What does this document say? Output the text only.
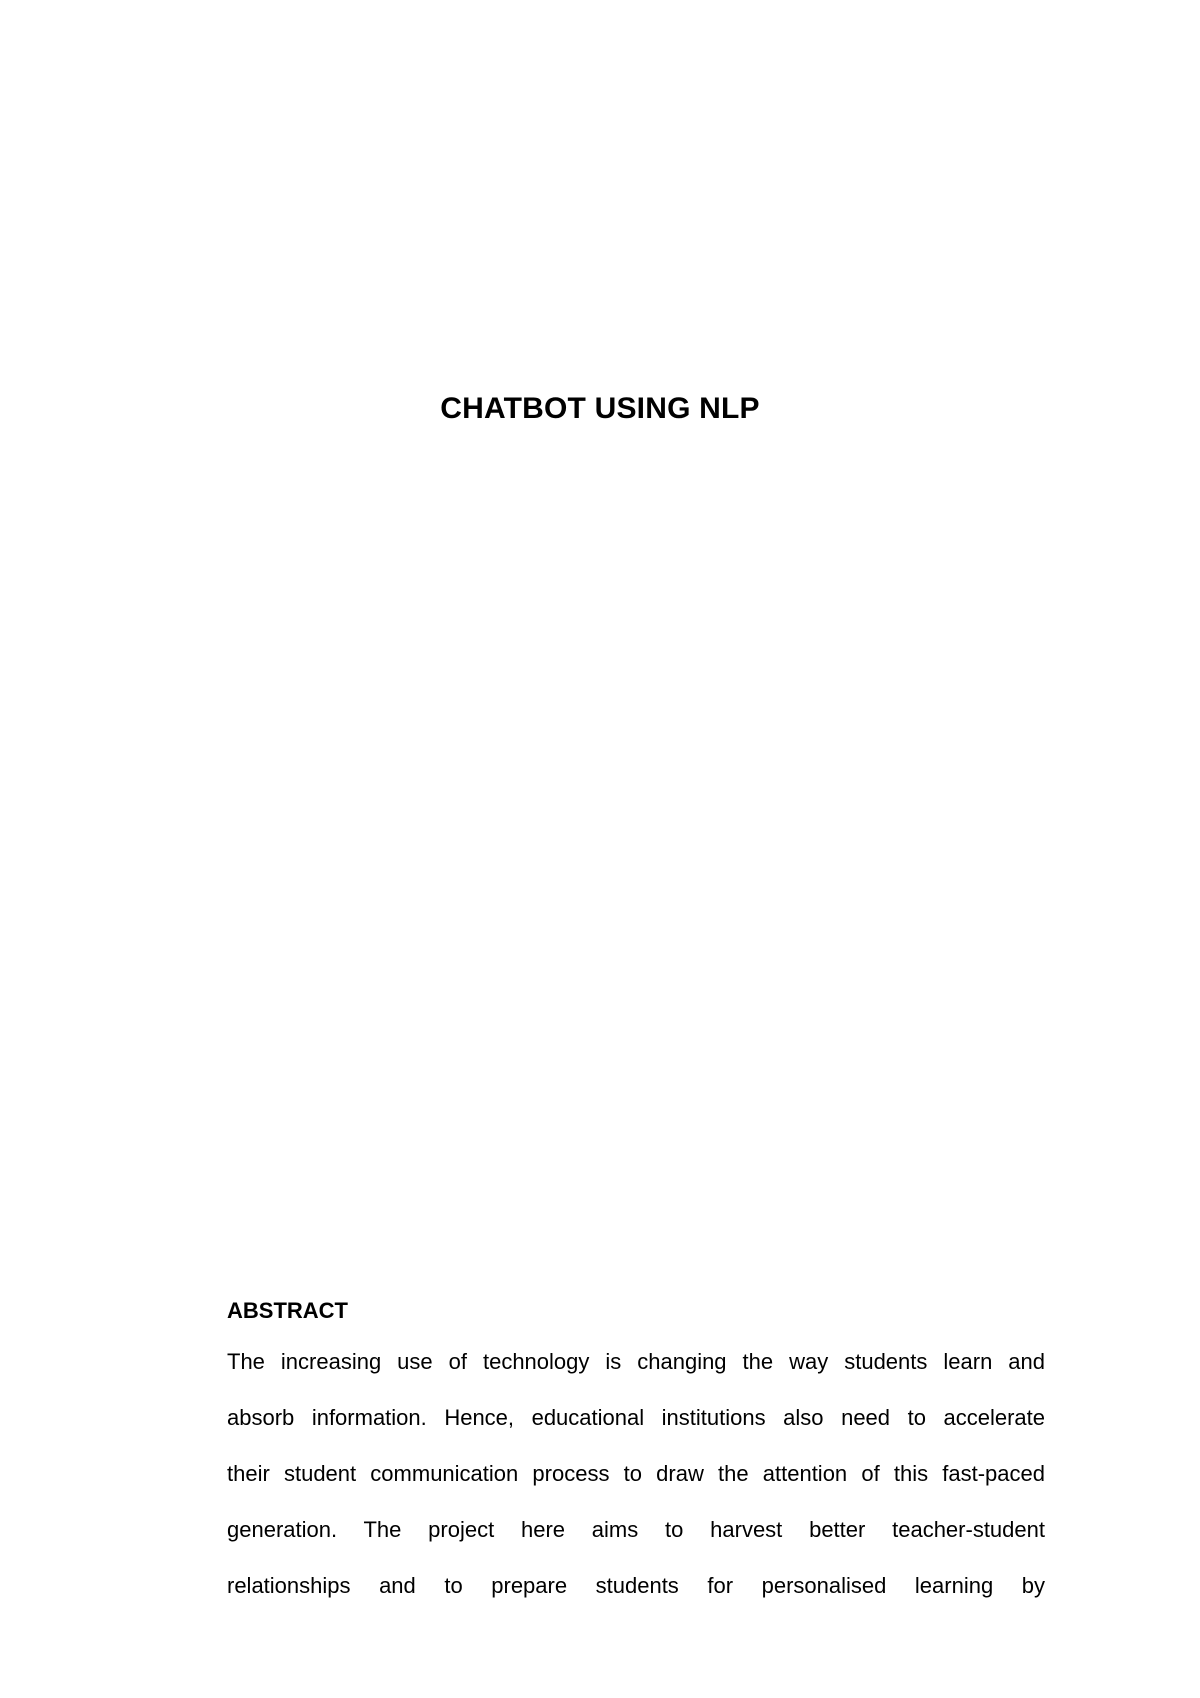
CHATBOT USING NLP
ABSTRACT

The increasing use of technology is changing the way students learn and
absorb information. Hence, educational institutions also need to accelerate
their student communication process to draw the attention of this fast-paced
generation. The project here aims to harvest better teacher-student
relationships and to prepare students for personalised learning by
